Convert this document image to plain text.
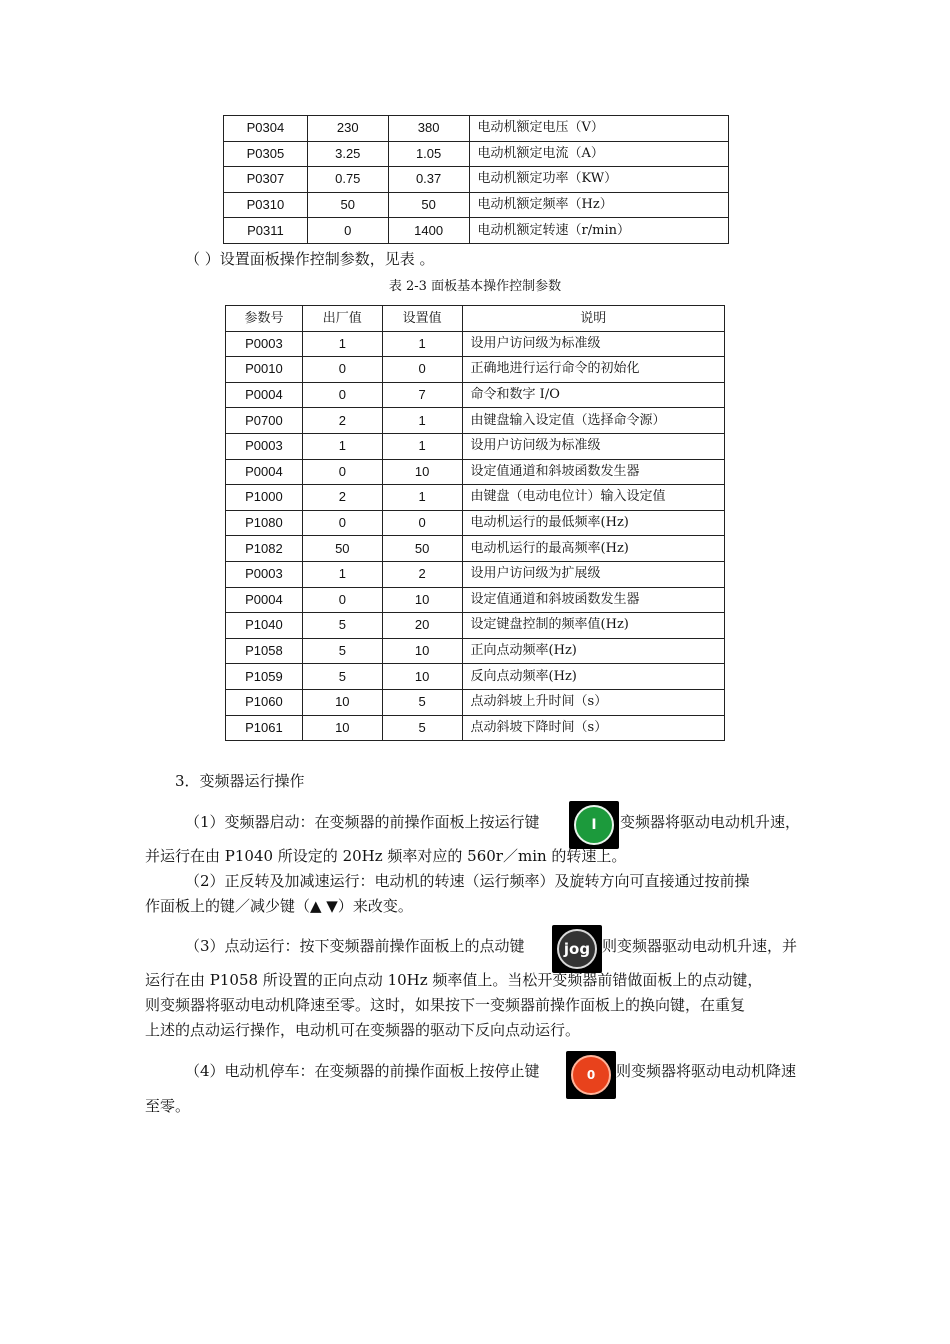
P0304	230	380	电动机额定电压（V）
P0305	3.25	1.05	电动机额定电流（A）
P0307	0.75	0.37	电动机额定功率（KW）
P0310	50	50	电动机额定频率（Hz）
P0311	0	1400	电动机额定转速（r/min）
（ ）设置面板操作控制参数，见表 。
表 2-3 面板基本操作控制参数
参数号	出厂值	设置值	说明
P0003	1	1	设用户访问级为标准级
P0010	0	0	正确地进行运行命令的初始化
P0004	0	7	命令和数字 I/O
P0700	2	1	由键盘输入设定值（选择命令源）
P0003	1	1	设用户访问级为标准级
P0004	0	10	设定值通道和斜坡函数发生器
P1000	2	1	由键盘（电动电位计）输入设定值
P1080	0	0	电动机运行的最低频率(Hz)
P1082	50	50	电动机运行的最高频率(Hz)
P0003	1	2	设用户访问级为扩展级
P0004	0	10	设定值通道和斜坡函数发生器
P1040	5	20	设定键盘控制的频率值(Hz)
P1058	5	10	正向点动频率(Hz)
P1059	5	10	反向点动频率(Hz)
P1060	10	5	点动斜坡上升时间（s）
P1061	10	5	点动斜坡下降时间（s）
3．变频器运行操作
（1）变频器启动：在变频器的前操作面板上按运行键	I	变频器将驱动电动机升速，
并运行在由 P1040 所设定的 20Hz 频率对应的 560r／min 的转速上。
（2）正反转及加减速运行：电动机的转速（运行频率）及旋转方向可直接通过按前操
作面板上的键／减少键（▲ ▼）来改变。
（3）点动运行：按下变频器前操作面板上的点动键	jog 则变频器驱动电动机升速，并
运行在由 P1058 所设置的正向点动 10Hz 频率值上。当松开变频器前错做面板上的点动键，
则变频器将驱动电动机降速至零。这时，如果按下一变频器前操作面板上的换向键，在重复
上述的点动运行操作，电动机可在变频器的驱动下反向点动运行。
（4）电动机停车：在变频器的前操作面板上按停止键	0	则变频器将驱动电动机降速
至零。
